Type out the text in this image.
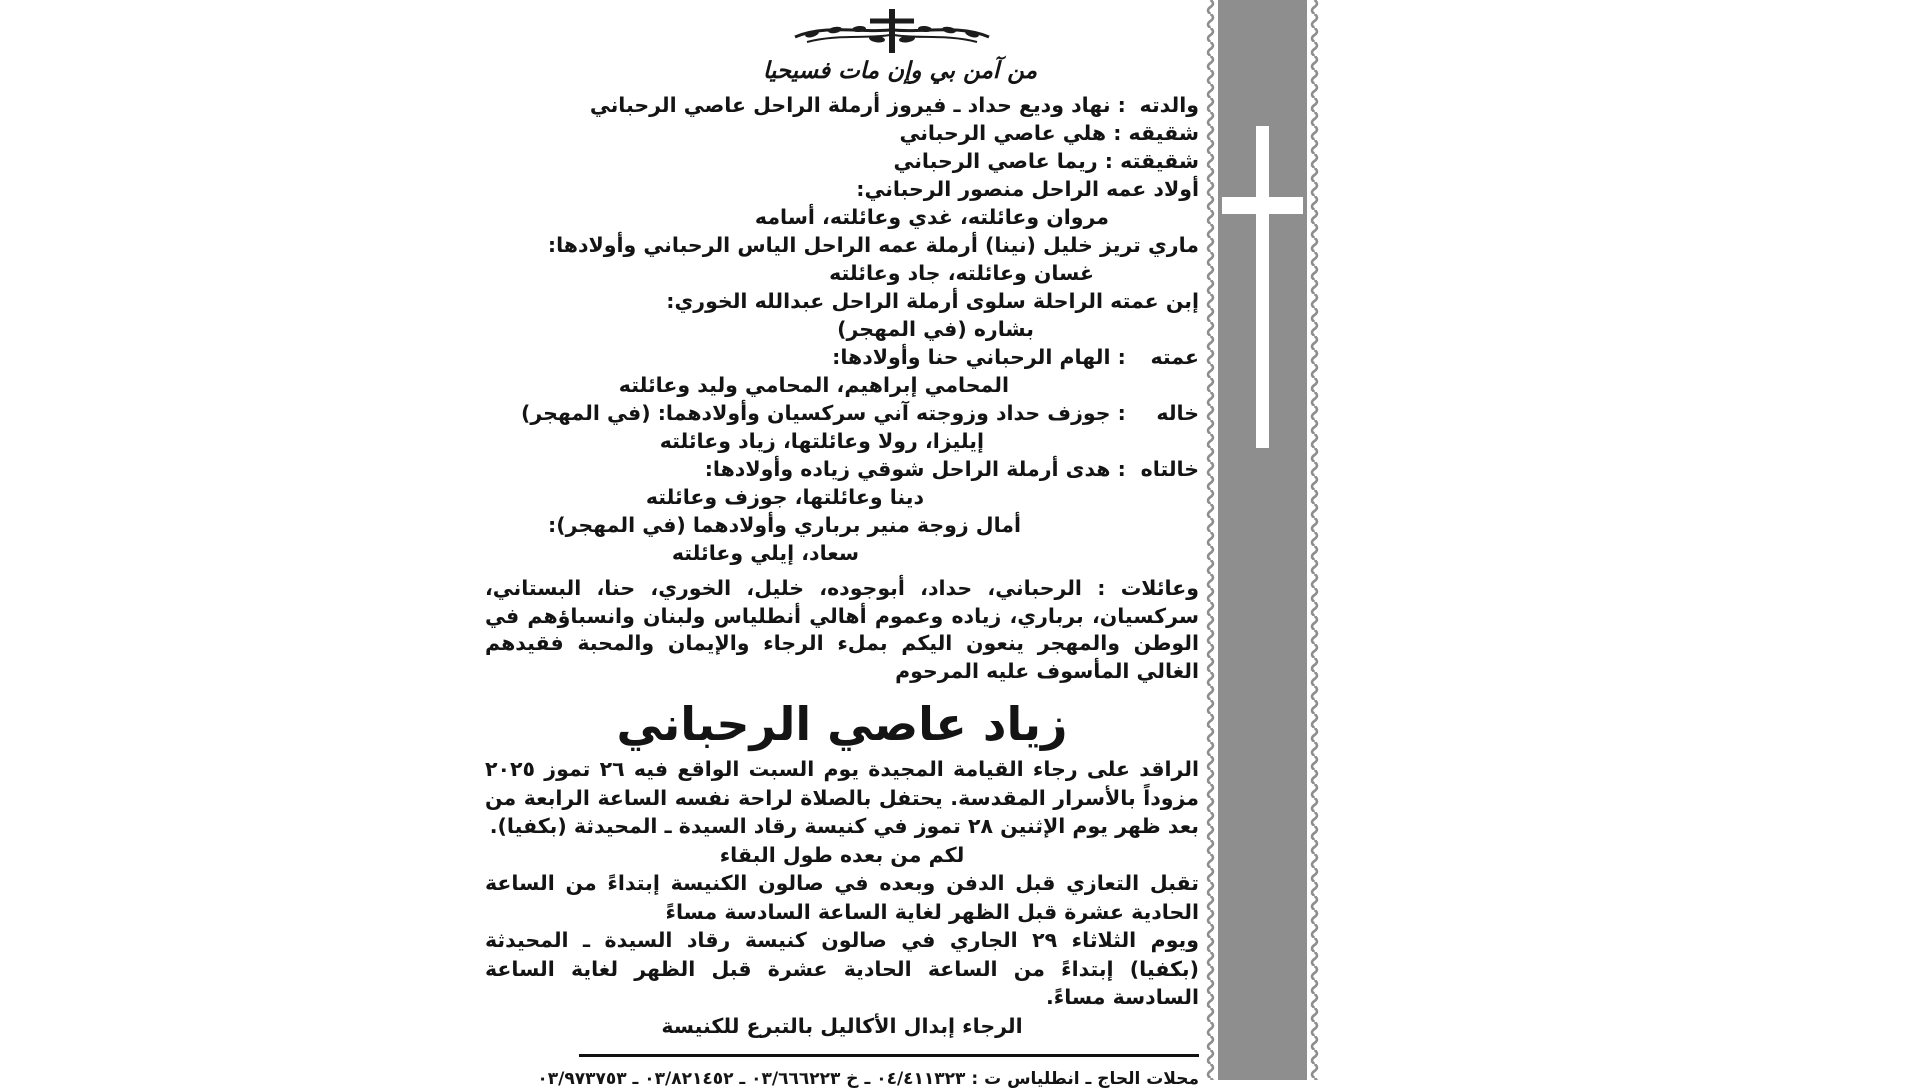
من آمن بي وإن مات فسيحيا
والدته : نهاد وديع حداد ـ فيروز أرملة الراحل عاصي الرحباني
شقيقه : هلي عاصي الرحباني
شقيقته : ريما عاصي الرحباني
أولاد عمه الراحل منصور الرحباني:
مروان وعائلته، غدي وعائلته، أسامه
ماري تريز خليل (نينا) أرملة عمه الراحل الياس الرحباني وأولادها:
غسان وعائلته، جاد وعائلته
إبن عمته الراحلة سلوى أرملة الراحل عبدالله الخوري:
بشاره (في المهجر)
عمته : الهام الرحباني حنا وأولادها:
المحامي إبراهيم، المحامي وليد وعائلته
خاله : جوزف حداد وزوجته آني سركسيان وأولادهما: (في المهجر)
إيليزا، رولا وعائلتها، زياد وعائلته
خالتاه : هدى أرملة الراحل شوقي زياده وأولادها:
دينا وعائلتها، جوزف وعائلته
أمال زوجة منير برباري وأولادهما (في المهجر):
سعاد، إيلي وعائلته

وعائلات : الرحباني، حداد، أبوجوده، خليل، الخوري، حنا، البستاني، سركسيان، برباري، زياده وعموم أهالي أنطلياس ولبنان وانسباؤهم في الوطن والمهجر ينعون اليكم بملء الرجاء والإيمان والمحبة فقيدهم الغالي المأسوف عليه المرحوم

زياد عاصي الرحباني

الراقد على رجاء القيامة المجيدة يوم السبت الواقع فيه ٢٦ تموز ٢٠٢٥ مزوداً بالأسرار المقدسة. يحتفل بالصلاة لراحة نفسه الساعة الرابعة من بعد ظهر يوم الإثنين ٢٨ تموز في كنيسة رقاد السيدة ـ المحيدثة (بكفيا).

لكم من بعده طول البقاء

تقبل التعازي قبل الدفن وبعده في صالون الكنيسة إبتداءً من الساعة الحادية عشرة قبل الظهر لغاية الساعة السادسة مساءً

ويوم الثلاثاء ٢٩ الجاري في صالون كنيسة رقاد السيدة ـ المحيدثة (بكفيا) إبتداءً من الساعة الحادية عشرة قبل الظهر لغاية الساعة السادسة مساءً.

الرجاء إبدال الأكاليل بالتبرع للكنيسة

محلات الحاج ـ انطلياس ت : ٠٤/٤١١٣٢٣ ـ خ ٠٣/٦٦٦٢٢٣ ـ ٠٣/٨٢١٤٥٢ ـ ٠٣/٩٧٣٧٥٣
